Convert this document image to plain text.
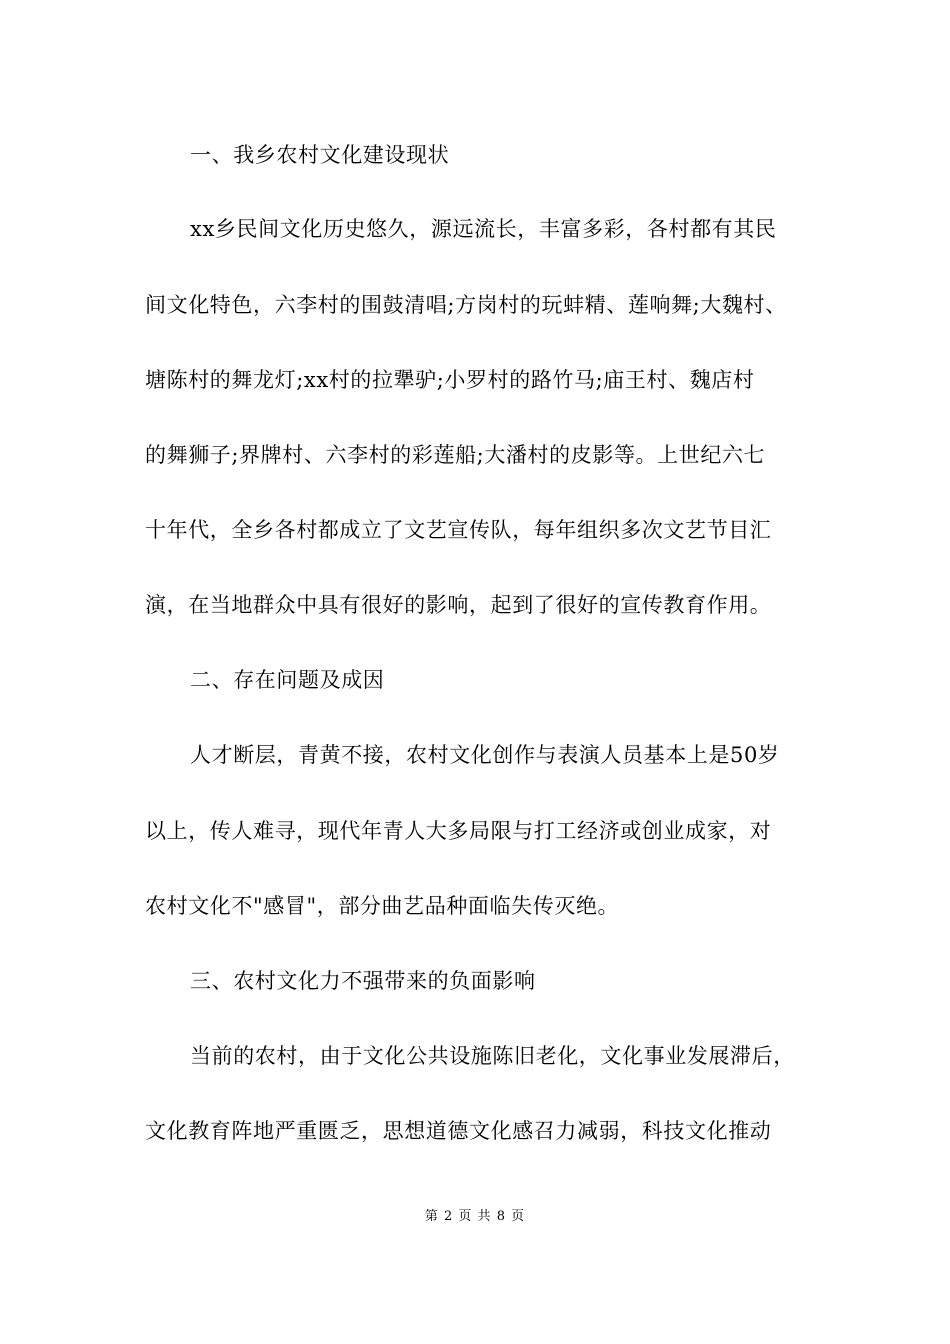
一、我乡农村文化建设现状
xx乡民间文化历史悠久，源远流长，丰富多彩，各村都有其民
间文化特色，六李村的围鼓清唱;方岗村的玩蚌精、莲响舞;大魏村、
塘陈村的舞龙灯;xx村的拉犟驴;小罗村的路竹马;庙王村、魏店村
的舞狮子;界牌村、六李村的彩莲船;大潘村的皮影等。上世纪六七
十年代，全乡各村都成立了文艺宣传队，每年组织多次文艺节目汇
演，在当地群众中具有很好的影响，起到了很好的宣传教育作用。
二、存在问题及成因
人才断层，青黄不接，农村文化创作与表演人员基本上是50岁
以上，传人难寻，现代年青人大多局限与打工经济或创业成家，对
农村文化不"感冒"，部分曲艺品种面临失传灭绝。
三、农村文化力不强带来的负面影响
当前的农村，由于文化公共设施陈旧老化，文化事业发展滞后，
文化教育阵地严重匮乏，思想道德文化感召力减弱，科技文化推动
第 2 页 共 8 页
